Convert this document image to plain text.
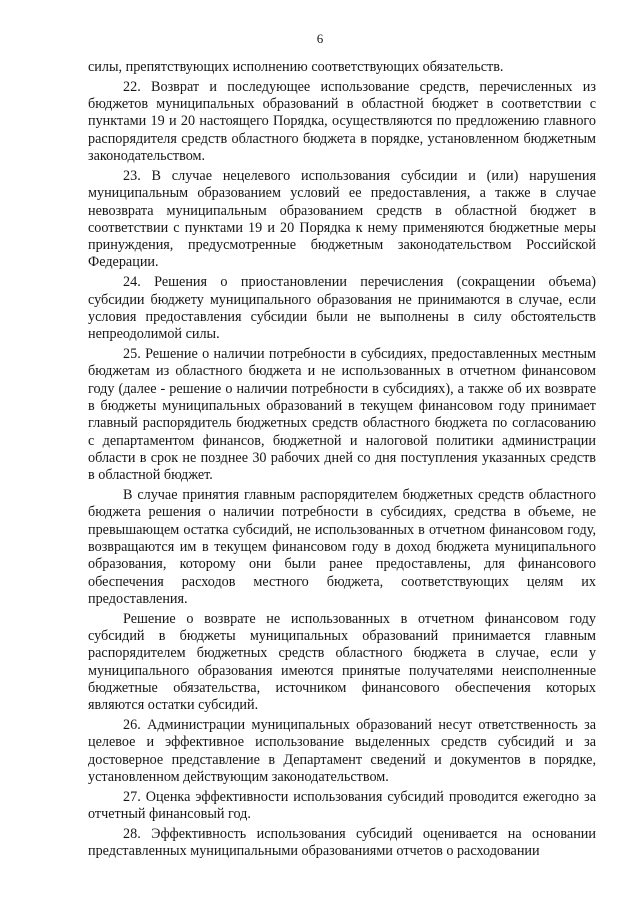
6

силы, препятствующих исполнению соответствующих обязательств.

22. Возврат и последующее использование средств, перечисленных из бюджетов муниципальных образований в областной бюджет в соответствии с пунктами 19 и 20 настоящего Порядка, осуществляются по предложению главного распорядителя средств областного бюджета в порядке, установленном бюджетным законодательством.

23. В случае нецелевого использования субсидии и (или) нарушения муниципальным образованием условий ее предоставления, а также в случае невозврата муниципальным образованием средств в областной бюджет в соответствии с пунктами 19 и 20 Порядка к нему применяются бюджетные меры принуждения, предусмотренные бюджетным законодательством Российской Федерации.

24. Решения о приостановлении перечисления (сокращении объема) субсидии бюджету муниципального образования не принимаются в случае, если условия предоставления субсидии были не выполнены в силу обстоятельств непреодолимой силы.

25. Решение о наличии потребности в субсидиях, предоставленных местным бюджетам из областного бюджета и не использованных в отчетном финансовом году (далее - решение о наличии потребности в субсидиях), а также об их возврате в бюджеты муниципальных образований в текущем финансовом году принимает главный распорядитель бюджетных средств областного бюджета по согласованию с департаментом финансов, бюджетной и налоговой политики администрации области в срок не позднее 30 рабочих дней со дня поступления указанных средств в областной бюджет.

В случае принятия главным распорядителем бюджетных средств областного бюджета решения о наличии потребности в субсидиях, средства в объеме, не превышающем остатка субсидий, не использованных в отчетном финансовом году, возвращаются им в текущем финансовом году в доход бюджета муниципального образования, которому они были ранее предоставлены, для финансового обеспечения расходов местного бюджета, соответствующих целям их предоставления.

Решение о возврате не использованных в отчетном финансовом году субсидий в бюджеты муниципальных образований принимается главным распорядителем бюджетных средств областного бюджета в случае, если у муниципального образования имеются принятые получателями неисполненные бюджетные обязательства, источником финансового обеспечения которых являются остатки субсидий.

26. Администрации муниципальных образований несут ответственность за целевое и эффективное использование выделенных средств субсидий и за достоверное представление в Департамент сведений и документов в порядке, установленном действующим законодательством.

27. Оценка эффективности использования субсидий проводится ежегодно за отчетный финансовый год.

28. Эффективность использования субсидий оценивается на основании представленных муниципальными образованиями отчетов о расходовании
